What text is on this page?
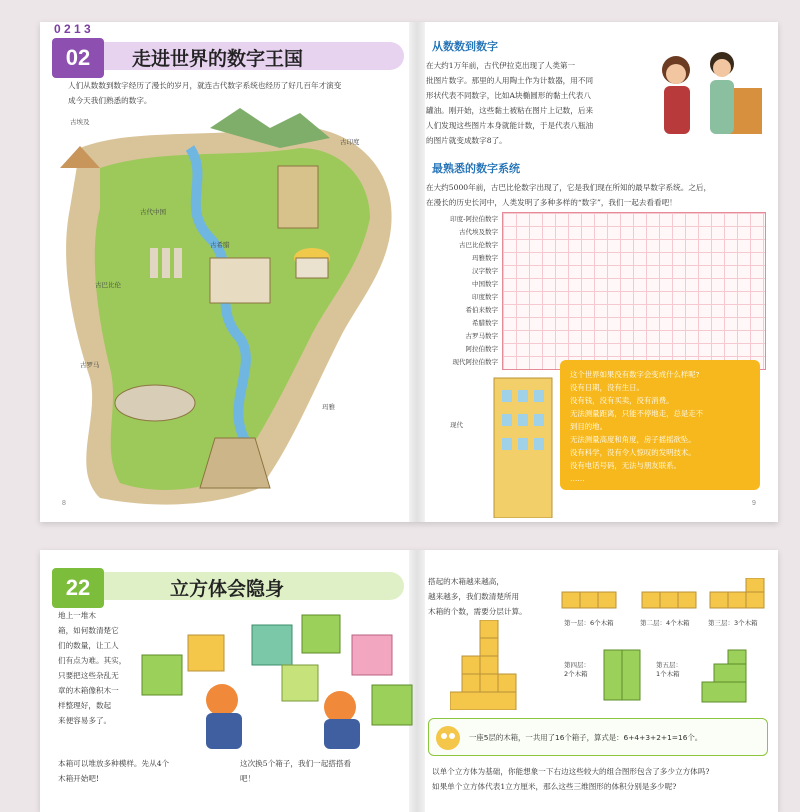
0 2 1 3
02	走进世界的数字王国
人们从数数到数字经历了漫长的岁月，就连古代数字系统也经历了好几百年才演变
成今天我们熟悉的数字。
古埃及
古印度
古代中国
古希腊
古巴比伦
古罗马
玛雅
现代
从数数到数字
在大约1万年前，古代伊拉克出现了人类第一
批图片数字。那里的人用陶土作为计数器，用不同
形状代表不同数字，比如A块椭圆形的黏土代表八
罐油。刚开始，这些黏土被粘在图片上记数，后来
人们发现这些图片本身就能计数，于是代表八瓶油
的图片就变成数字8了。
最熟悉的数字系统
在大约5000年前，古巴比伦数字出现了，它是我们现在所知的最早数字系统。之后，
在漫长的历史长河中，人类发明了多种多样的“数字”，我们一起去看看吧！
印度-阿拉伯数字
古代埃及数字
古巴比伦数字
玛雅数字
汉字数字
中国数字
印度数字
希伯来数字
希腊数字
古罗马数字
阿拉伯数字
现代阿拉伯数字
这个世界如果没有数字会变成什么样呢?
没有日期，没有生日。
没有钱，没有买卖，没有消费。
无法测量距离，只能不停地走，总是走不
到目的地。
无法测量高度和角度，房子摇摇欲坠。
没有科学，没有令人惊叹的发明技术。
没有电话号码，无法与朋友联系。
……
8	9
22	立方体会隐身
地上一堆木
箱，如何数清楚它
们的数量，让工人
们有点为难。其实，
只要把这些杂乱无
章的木箱像积木一
样整理好，数起
来便容易多了。
本箱可以堆放多种模样。先从4个
木箱开始吧!
这次换5个箱子，我们一起搭搭看
吧！
搭起的木箱越来越高，
越来越多，我们数清楚所用
木箱的个数，需要分层计算。
第一层：6个木箱	第二层：4个木箱	第三层：3个木箱
第四层：
2个木箱
第五层：
1个木箱
一座5层的木箱，一共用了16个箱子，算式是：6+4+3+2+1=16个。
以单个立方体为基础，你能想象一下右边这些较大的组合图形包含了多少立方体吗?
如果单个立方体代表1立方厘米，那么这些三维图形的体积分别是多少呢?
